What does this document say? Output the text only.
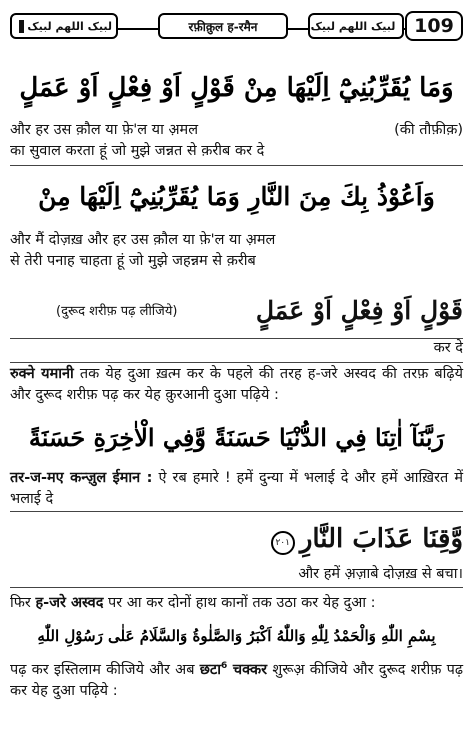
لبیک اللھم لبیک	रफ़ीक़ुल ह-रमैन	لبیک اللھم لبیک 109
وَمَا يُقَرِّبُنِيْٓ اِلَيْهَا مِنْ قَوْلٍ اَوْ فِعْلٍ اَوْ عَمَلٍ
और हर उस क़ौल या फ़े'ल या अ़मल	(की तौफ़ीक़)
का सुवाल करता हूं जो मुझे जन्नत से क़रीब कर दे
وَاَعُوْذُ بِكَ مِنَ النَّارِ وَمَا يُقَرِّبُنِيْٓ اِلَيْهَا مِنْ
और मैं दोज़ख़ और हर उस क़ौल या फ़े'ल या अ़मल
से तेरी पनाह चाहता हूं जो मुझे जहन्नम से क़रीब
قَوْلٍ اَوْ فِعْلٍ اَوْ عَمَلٍ
(दुरूद शरीफ़ पढ़ लीजिये)
कर दे
रुक्ने यमानी तक येह दुआ ख़त्म कर के पहले की तरह ह-जरे अस्वद की तरफ़ बढ़िये और दुरूद शरीफ़ पढ़ कर येह क़ुरआनी दुआ पढ़िये :
رَبَّنَآ اٰتِنَا فِي الدُّنْيَا حَسَنَةً وَّفِي الْاٰخِرَةِ حَسَنَةً
तर-ज-मए कन्ज़ुल ईमान : ऐ रब हमारे ! हमें दुन्या में भलाई दे और हमें आख़िरत में भलाई दे
وَّقِنَا عَذَابَ النَّارِ ٢٠١
और हमें अ़ज़ाबे दोज़ख़ से बचा।
फिर ह-जरे अस्वद पर आ कर दोनों हाथ कानों तक उठा कर येह दुआ :
بِسْمِ اللّٰهِ وَالْحَمْدُ لِلّٰهِ وَاللّٰهُ اَكْبَرُ وَالصَّلٰوةُ وَالسَّلَامُ عَلٰى رَسُوْلِ اللّٰهِ
पढ़ कर इस्तिलाम कीजिये और अब छटा$^6$ चक्कर शुरूअ़ कीजिये और दुरूद शरीफ़ पढ़ कर येह दुआ पढ़िये :
